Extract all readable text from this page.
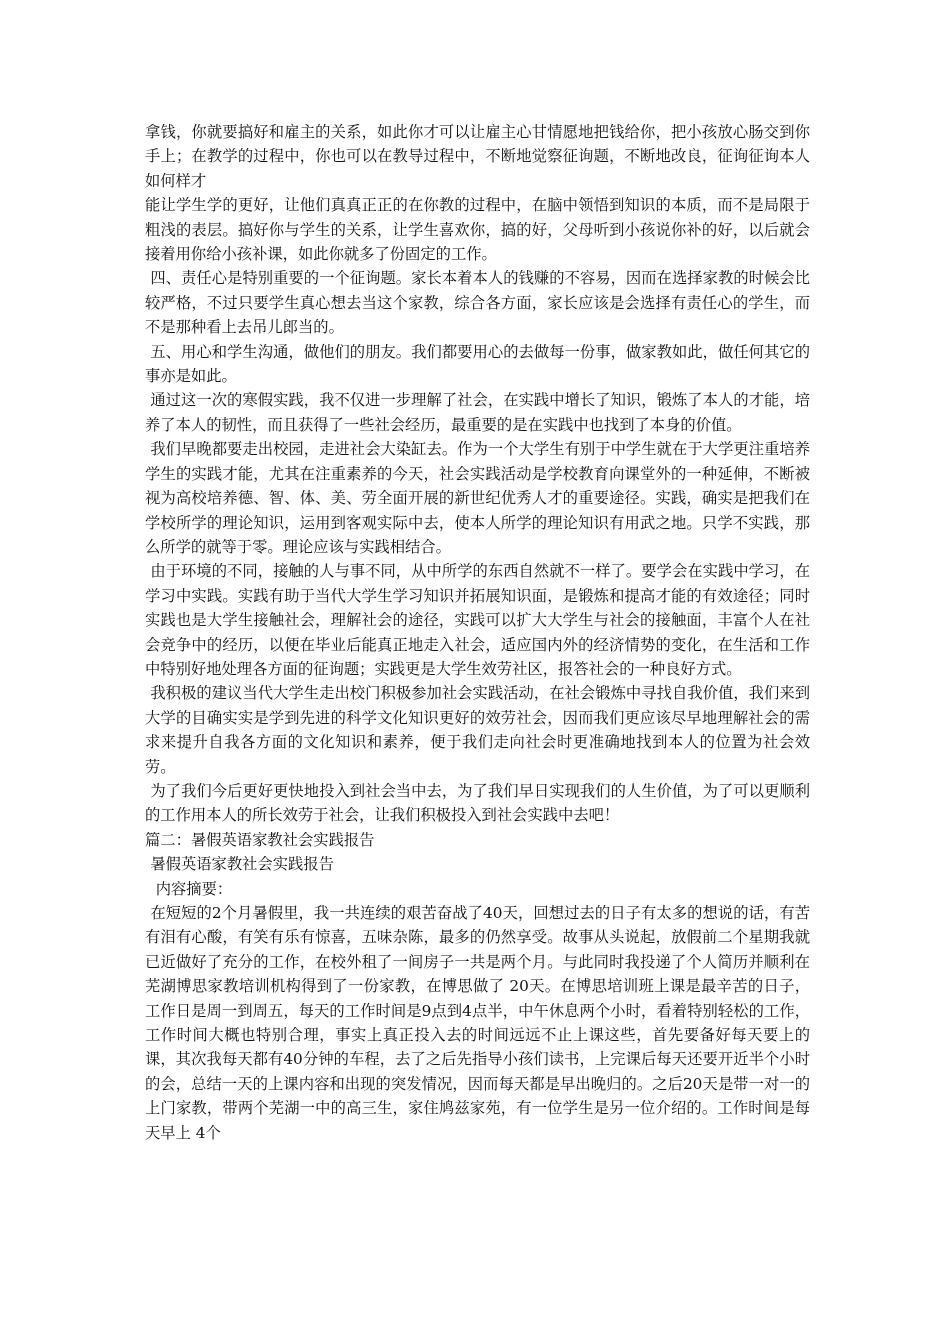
拿钱，你就要搞好和雇主的关系，如此你才可以让雇主心甘情愿地把钱给你，把小孩放心肠交到你手上；在教学的过程中，你也可以在教导过程中，不断地觉察征询题，不断地改良，征询征询本人如何样才

能让学生学的更好，让他们真真正正的在你教的过程中，在脑中领悟到知识的本质，而不是局限于粗浅的表层。搞好你与学生的关系，让学生喜欢你，搞的好，父母听到小孩说你补的好，以后就会接着用你给小孩补课，如此你就多了份固定的工作。

四、责任心是特别重要的一个征询题。家长本着本人的钱赚的不容易，因而在选择家教的时候会比较严格，不过只要学生真心想去当这个家教，综合各方面，家长应该是会选择有责任心的学生，而不是那种看上去吊儿郎当的。

五、用心和学生沟通，做他们的朋友。我们都要用心的去做每一份事，做家教如此，做任何其它的事亦是如此。

通过这一次的寒假实践，我不仅进一步理解了社会，在实践中增长了知识，锻炼了本人的才能，培养了本人的韧性，而且获得了一些社会经历，最重要的是在实践中也找到了本身的价值。

我们早晚都要走出校园，走进社会大染缸去。作为一个大学生有别于中学生就在于大学更注重培养学生的实践才能，尤其在注重素养的今天，社会实践活动是学校教育向课堂外的一种延伸，不断被视为高校培养德、智、体、美、劳全面开展的新世纪优秀人才的重要途径。实践，确实是把我们在学校所学的理论知识，运用到客观实际中去，使本人所学的理论知识有用武之地。只学不实践，那么所学的就等于零。理论应该与实践相结合。

由于环境的不同，接触的人与事不同，从中所学的东西自然就不一样了。要学会在实践中学习，在学习中实践。实践有助于当代大学生学习知识并拓展知识面，是锻炼和提高才能的有效途径；同时实践也是大学生接触社会，理解社会的途径，实践可以扩大大学生与社会的接触面，丰富个人在社会竞争中的经历，以便在毕业后能真正地走入社会，适应国内外的经济情势的变化，在生活和工作中特别好地处理各方面的征询题；实践更是大学生效劳社区，报答社会的一种良好方式。

我积极的建议当代大学生走出校门积极参加社会实践活动，在社会锻炼中寻找自我价值，我们来到大学的目确实实是学到先进的科学文化知识更好的效劳社会，因而我们更应该尽早地理解社会的需求来提升自我各方面的文化知识和素养，便于我们走向社会时更准确地找到本人的位置为社会效劳。

为了我们今后更好更快地投入到社会当中去，为了我们早日实现我们的人生价值，为了可以更顺利的工作用本人的所长效劳于社会，让我们积极投入到社会实践中去吧！

篇二：暑假英语家教社会实践报告

暑假英语家教社会实践报告

内容摘要：

在短短的2个月暑假里，我一共连续的艰苦奋战了40天，回想过去的日子有太多的想说的话，有苦有泪有心酸，有笑有乐有惊喜，五味杂陈，最多的仍然享受。故事从头说起，放假前二个星期我就已近做好了充分的工作，在校外租了一间房子一共是两个月。与此同时我投递了个人简历并顺利在芜湖博思家教培训机构得到了一份家教，在博思做了 20天。在博思培训班上课是最辛苦的日子，工作日是周一到周五，每天的工作时间是9点到4点半，中午休息两个小时，看着特别轻松的工作，工作时间大概也特别合理，事实上真正投入去的时间远远不止上课这些，首先要备好每天要上的课，其次我每天都有40分钟的车程，去了之后先指导小孩们读书，上完课后每天还要开近半个小时的会，总结一天的上课内容和出现的突发情况，因而每天都是早出晚归的。之后20天是带一对一的上门家教，带两个芜湖一中的高三生，家住鸠兹家苑，有一位学生是另一位介绍的。工作时间是每天早上 4个
